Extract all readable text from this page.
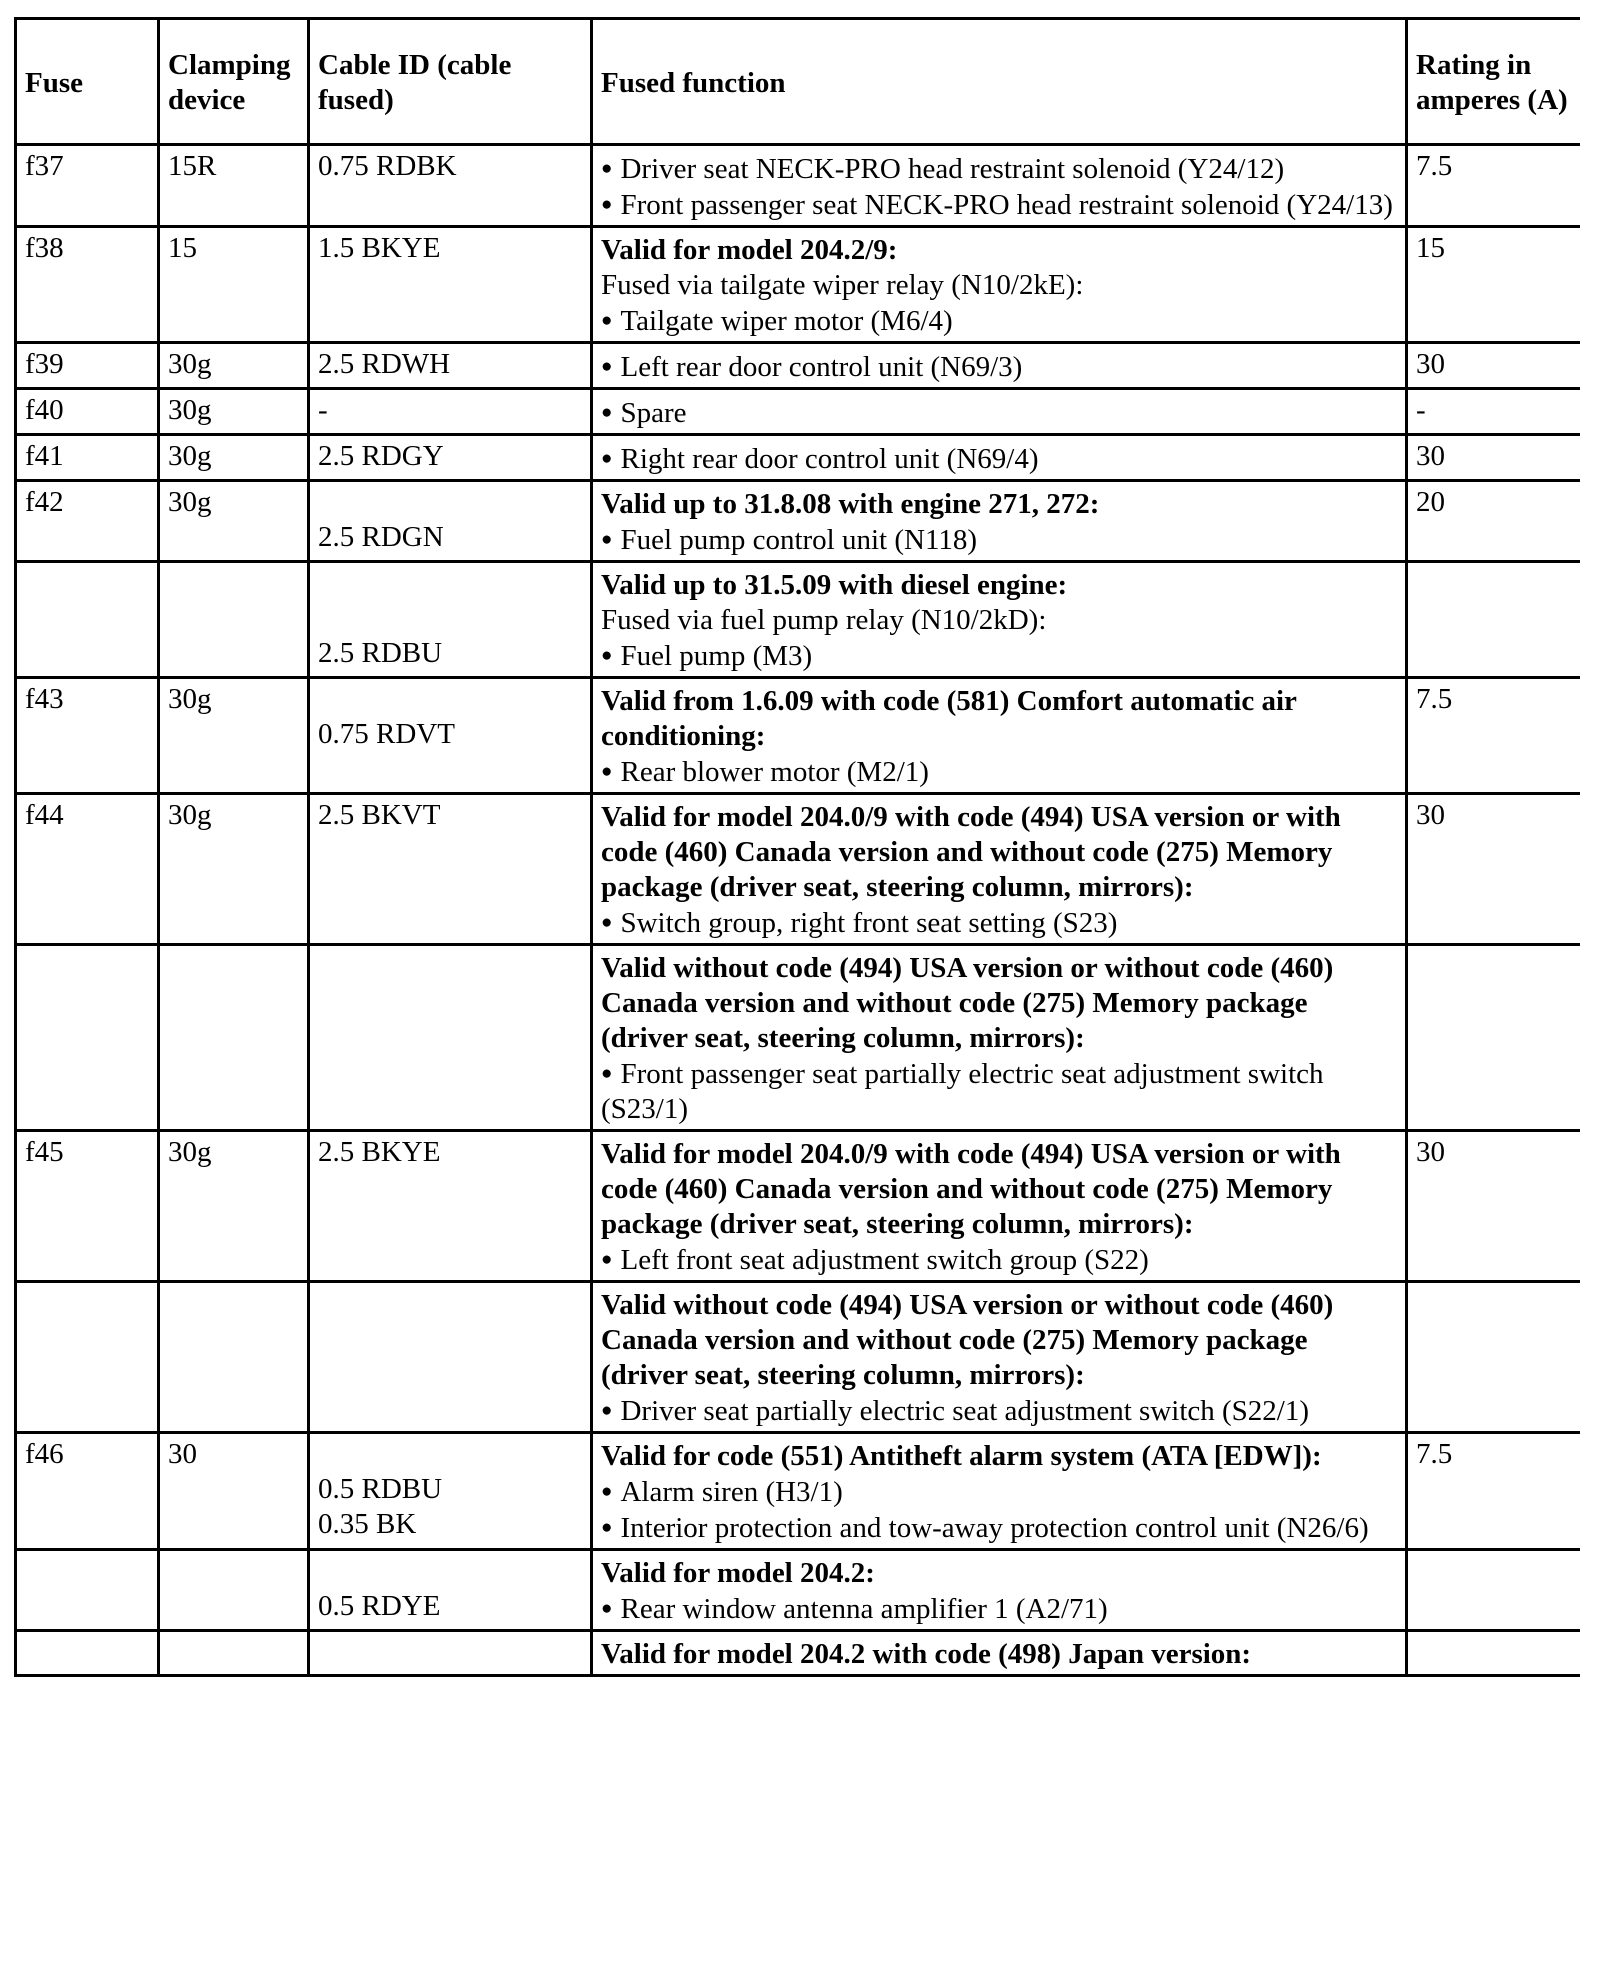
Fuse	Clamping device	Cable ID (cable fused)	Fused function	Rating in amperes (A)
f37	15R	0.75 RDBK	● Driver seat NECK-PRO head restraint solenoid (Y24/12)
● Front passenger seat NECK-PRO head restraint solenoid (Y24/13)	7.5
f38	15	1.5 BKYE	Valid for model 204.2/9:
Fused via tailgate wiper relay (N10/2kE):
● Tailgate wiper motor (M6/4)	15
f39	30g	2.5 RDWH	● Left rear door control unit (N69/3)	30
f40	30g	-	● Spare	-
f41	30g	2.5 RDGY	● Right rear door control unit (N69/4)	30
f42	30g	2.5 RDGN	Valid up to 31.8.08 with engine 271, 272:
● Fuel pump control unit (N118)	20

		2.5 RDBU	Valid up to 31.5.09 with diesel engine:
Fused via fuel pump relay (N10/2kD):
● Fuel pump (M3)

f43	30g	0.75 RDVT	Valid from 1.6.09 with code (581) Comfort automatic air conditioning:
● Rear blower motor (M2/1)	7.5
f44	30g	2.5 BKVT	Valid for model 204.0/9 with code (494) USA version or with code (460) Canada version and without code (275) Memory package (driver seat, steering column, mirrors):
● Switch group, right front seat setting (S23)	30

			Valid without code (494) USA version or without code (460) Canada version and without code (275) Memory package (driver seat, steering column, mirrors):
● Front passenger seat partially electric seat adjustment switch (S23/1)

f45	30g	2.5 BKYE	Valid for model 204.0/9 with code (494) USA version or with code (460) Canada version and without code (275) Memory package (driver seat, steering column, mirrors):
● Left front seat adjustment switch group (S22)	30

			Valid without code (494) USA version or without code (460) Canada version and without code (275) Memory package (driver seat, steering column, mirrors):
● Driver seat partially electric seat adjustment switch (S22/1)

f46	30	0.5 RDBU
0.35 BK	Valid for code (551) Antitheft alarm system (ATA [EDW]):
● Alarm siren (H3/1)
● Interior protection and tow-away protection control unit (N26/6)	7.5

		0.5 RDYE	Valid for model 204.2:
● Rear window antenna amplifier 1 (A2/71)

			Valid for model 204.2 with code (498) Japan version:	
